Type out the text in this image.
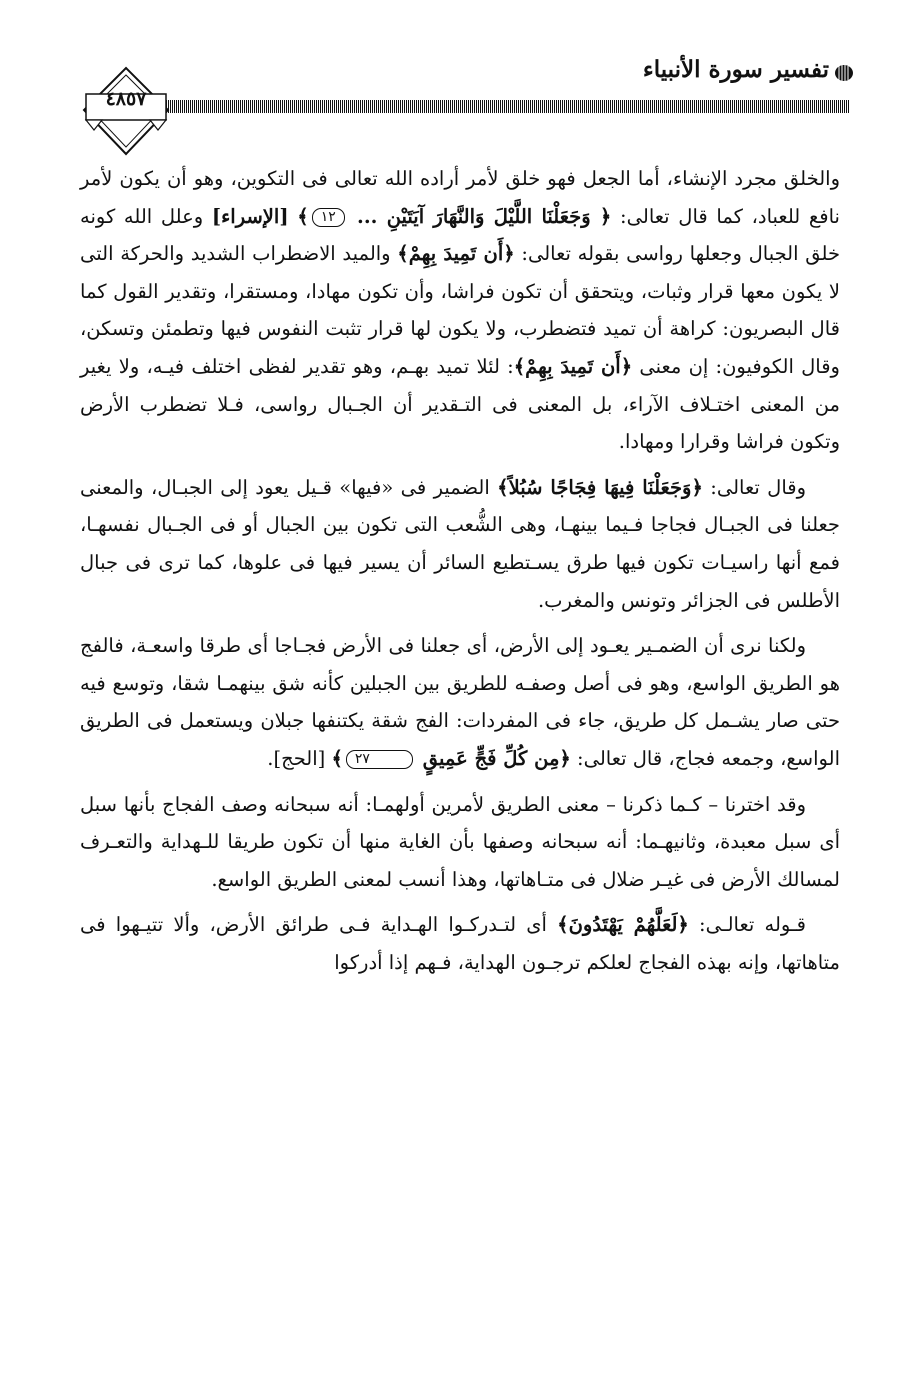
تفسير سورة الأنبياء
٤٨٥٧

والخلق مجرد الإنشاء، أما الجعل فهو خلق لأمر أراده الله تعالى فى التكوين، وهو أن يكون لأمر نافع للعباد، كما قال تعالى: ﴿ وَجَعَلْنَا اللَّيْلَ وَالنَّهَارَ آيَتَيْنِ ... ١٢﴾ [الإسراء] وعلل الله كونه خلق الجبال وجعلها رواسى بقوله تعالى: ﴿أَن تَمِيدَ بِهِمْ﴾ والميد الاضطراب الشديد والحركة التى لا يكون معها قرار وثبات، ويتحقق أن تكون فراشا، وأن تكون مهادا، ومستقرا، وتقدير القول كما قال البصريون: كراهة أن تميد فتضطرب، ولا يكون لها قرار تثبت النفوس فيها وتطمئن وتسكن، وقال الكوفيون: إن معنى ﴿أَن تَمِيدَ بِهِمْ﴾: لئلا تميد بهـم، وهو تقدير لفظى اختلف فيـه، ولا يغير من المعنى اختـلاف الآراء، بل المعنى فى التـقدير أن الجـبال رواسى، فـلا تضطرب الأرض وتكون فراشا وقرارا ومهادا.

وقال تعالى: ﴿وَجَعَلْنَا فِيهَا فِجَاجًا سُبُلاً﴾ الضمير فى «فيها» قـيل يعود إلى الجبـال، والمعنى جعلنا فى الجبـال فجاجا فـيما بينهـا، وهى الشُّعب التى تكون بين الجبال أو فى الجـبال نفسهـا، فمع أنها راسيـات تكون فيها طرق يسـتطيع السائر أن يسير فيها فى علوها، كما ترى فى جبال الأطلس فى الجزائر وتونس والمغرب.

ولكنا نرى أن الضمـير يعـود إلى الأرض، أى جعلنا فى الأرض فجـاجا أى طرقا واسعـة، فالفج هو الطريق الواسع، وهو فى أصل وصفـه للطريق بين الجبلين كأنه شق بينهمـا شقا، وتوسع فيه حتى صار يشـمل كل طريق، جاء فى المفردات: الفج شقة يكتنفها جبلان ويستعمل فى الطريق الواسع، وجمعه فجاج، قال تعالى: ﴿مِن كُلِّ فَجٍّ عَمِيقٍ ٢٧﴾ [الحج].

وقد اخترنا – كـما ذكرنا – معنى الطريق لأمرين أولهمـا: أنه سبحانه وصف الفجاج بأنها سبل أى سبل معبدة، وثانيهـما: أنه سبحانه وصفها بأن الغاية منها أن تكون طريقا للـهداية والتعـرف لمسالك الأرض فى غيـر ضلال فى متـاهاتها، وهذا أنسب لمعنى الطريق الواسع.

قـوله تعالـى: ﴿لَعَلَّهُمْ يَهْتَدُونَ﴾ أى لتـدركـوا الهـداية فـى طرائق الأرض، وألا تتيـهوا فى متاهاتها، وإنه بهذه الفجاج لعلكم ترجـون الهداية، فـهم إذا أدركوا
